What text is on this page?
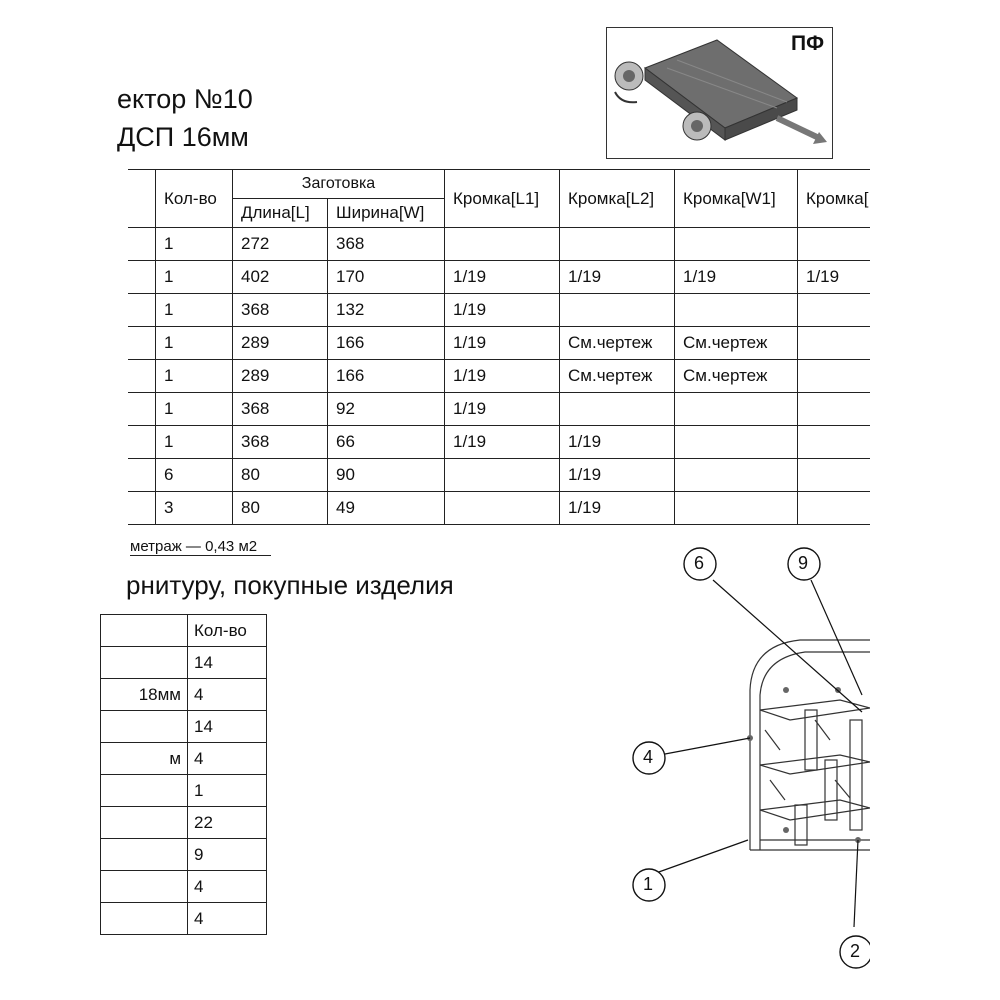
ектор №10
ДСП 16мм
ПФ
	Кол-во	Заготовка		Кромка[L1]	Кромка[L2]	Кромка[W1]	Кромка[
		Длина[L]	Ширина[W]				
	1	272	368				
	1	402	170	1/19	1/19	1/19	1/19
	1	368	132	1/19			
	1	289	166	1/19	См.чертеж	См.чертеж	
	1	289	166	1/19	См.чертеж	См.чертеж	
	1	368	92	1/19			
	1	368	66	1/19	1/19		
	6	80	90		1/19		
	3	80	49		1/19		
метраж — 0,43 м2
рнитуру, покупные изделия
	Кол-во
	14
18мм	4
	14
м	4
	1
	22
	9
	4
	4
6	9
4
1
2
